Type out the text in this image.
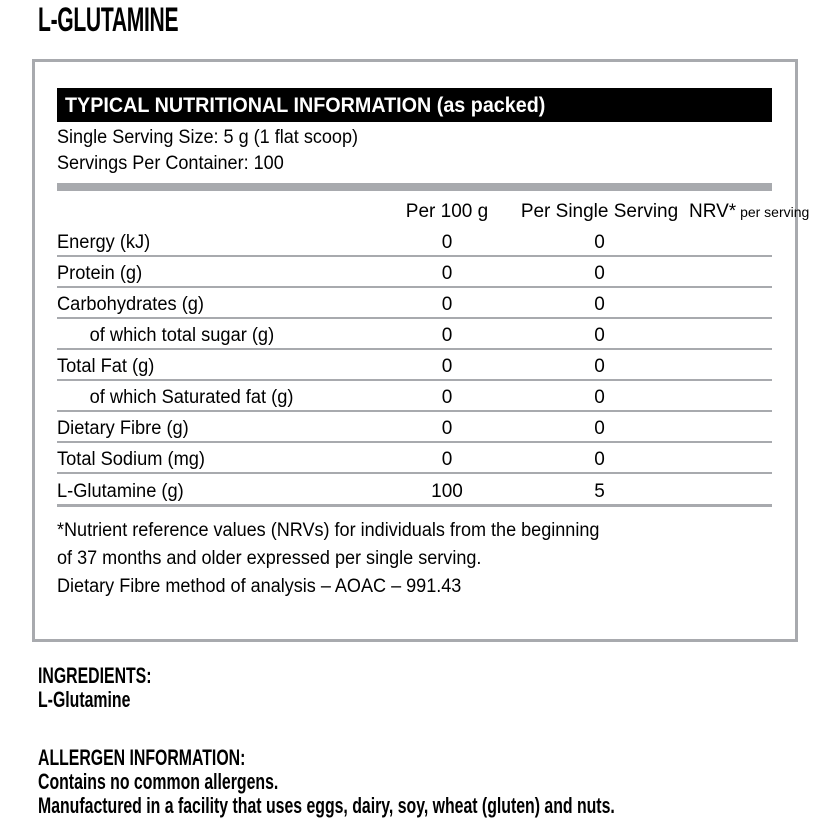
L-GLUTAMINE
TYPICAL NUTRITIONAL INFORMATION (as packed)
Single Serving Size: 5 g (1 flat scoop)
Servings Per Container: 100
	Per 100 g	Per Single Serving	NRV* per serving
Energy (kJ)	0	0	
Protein (g)	0	0	
Carbohydrates (g)	0	0	
of which total sugar (g)	0	0	
Total Fat (g)	0	0	
of which Saturated fat (g)	0	0	
Dietary Fibre (g)	0	0	
Total Sodium (mg)	0	0	
L-Glutamine (g)	100	5	
*Nutrient reference values (NRVs) for individuals from the beginning
of 37 months and older expressed per single serving.
Dietary Fibre method of analysis – AOAC – 991.43
INGREDIENTS:
L-Glutamine
ALLERGEN INFORMATION:
Contains no common allergens.
Manufactured in a facility that uses eggs, dairy, soy, wheat (gluten) and nuts.
